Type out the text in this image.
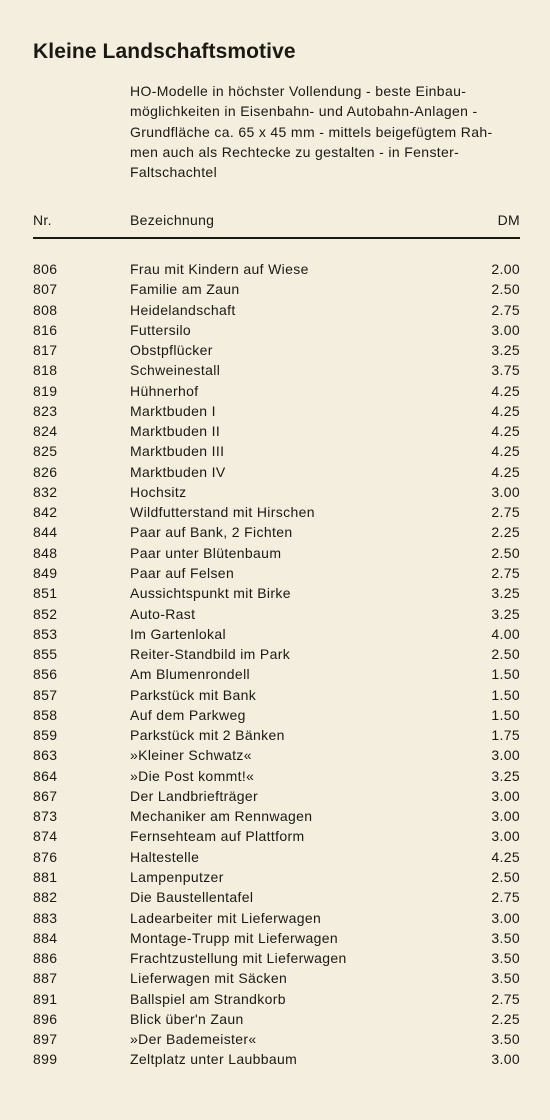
Kleine Landschaftsmotive
HO-Modelle in höchster Vollendung - beste Einbau-
möglichkeiten in Eisenbahn- und Autobahn-Anlagen -
Grundfläche ca. 65 x 45 mm - mittels beigefügtem Rah-
men auch als Rechtecke zu gestalten - in Fenster-
Faltschachtel
Nr.	Bezeichnung	DM
806	Frau mit Kindern auf Wiese	2.00
807	Familie am Zaun	2.50
808	Heidelandschaft	2.75
816	Futtersilo	3.00
817	Obstpflücker	3.25
818	Schweinestall	3.75
819	Hühnerhof	4.25
823	Marktbuden I	4.25
824	Marktbuden II	4.25
825	Marktbuden III	4.25
826	Marktbuden IV	4.25
832	Hochsitz	3.00
842	Wildfutterstand mit Hirschen	2.75
844	Paar auf Bank, 2 Fichten	2.25
848	Paar unter Blütenbaum	2.50
849	Paar auf Felsen	2.75
851	Aussichtspunkt mit Birke	3.25
852	Auto-Rast	3.25
853	Im Gartenlokal	4.00
855	Reiter-Standbild im Park	2.50
856	Am Blumenrondell	1.50
857	Parkstück mit Bank	1.50
858	Auf dem Parkweg	1.50
859	Parkstück mit 2 Bänken	1.75
863	»Kleiner Schwatz«	3.00
864	»Die Post kommt!«	3.25
867	Der Landbriefträger	3.00
873	Mechaniker am Rennwagen	3.00
874	Fernsehteam auf Plattform	3.00
876	Haltestelle	4.25
881	Lampenputzer	2.50
882	Die Baustellentafel	2.75
883	Ladearbeiter mit Lieferwagen	3.00
884	Montage-Trupp mit Lieferwagen	3.50
886	Frachtzustellung mit Lieferwagen	3.50
887	Lieferwagen mit Säcken	3.50
891	Ballspiel am Strandkorb	2.75
896	Blick über'n Zaun	2.25
897	»Der Bademeister«	3.50
899	Zeltplatz unter Laubbaum	3.00
